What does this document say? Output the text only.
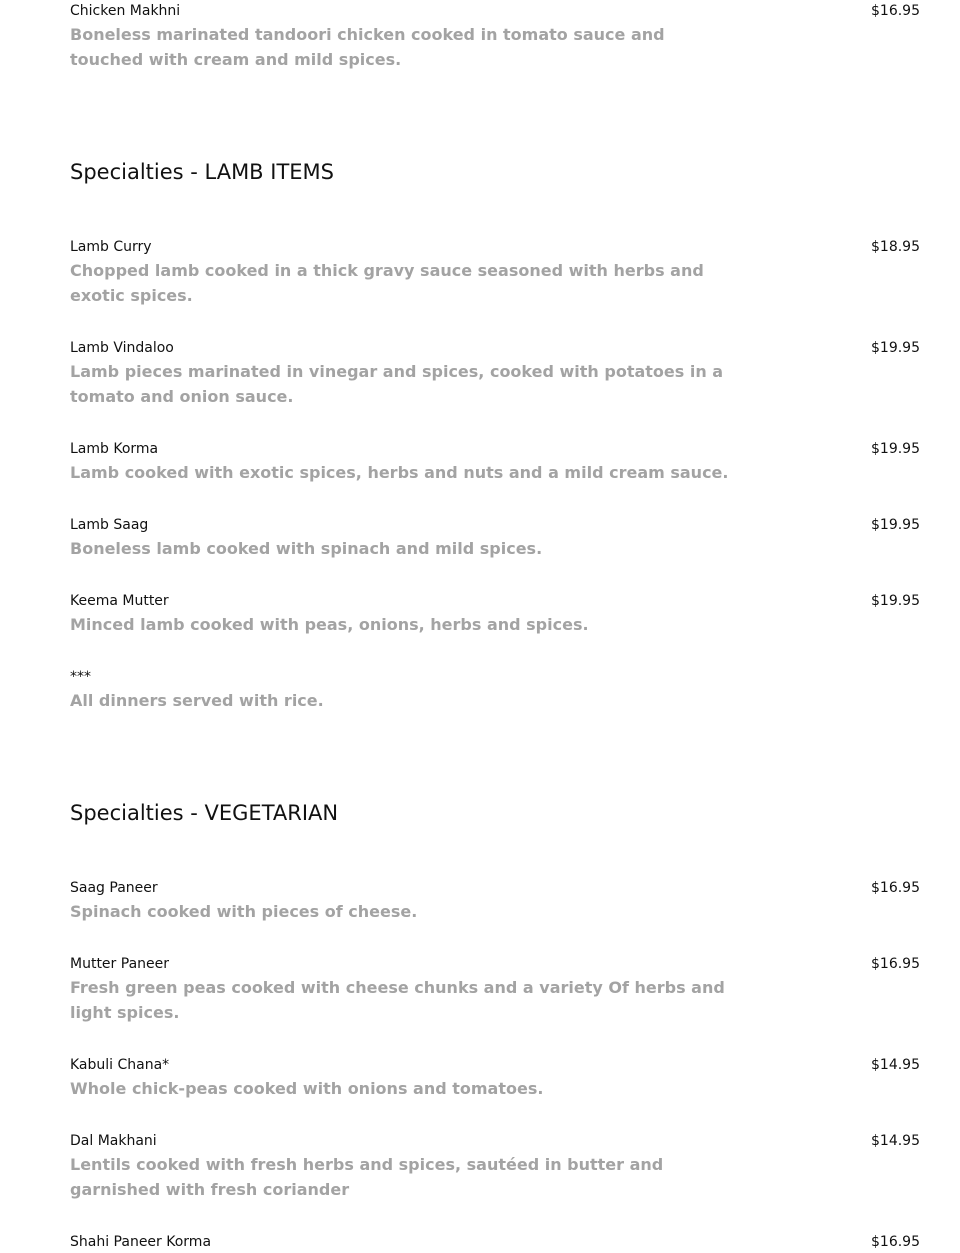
Chicken Makhni	$16.95
Boneless marinated tandoori chicken cooked in tomato sauce and touched with cream and mild spices.
Specialties - LAMB ITEMS
Lamb Curry	$18.95
Chopped lamb cooked in a thick gravy sauce seasoned with herbs and exotic spices.
Lamb Vindaloo	$19.95
Lamb pieces marinated in vinegar and spices, cooked with potatoes in a tomato and onion sauce.
Lamb Korma	$19.95
Lamb cooked with exotic spices, herbs and nuts and a mild cream sauce.
Lamb Saag	$19.95
Boneless lamb cooked with spinach and mild spices.
Keema Mutter	$19.95
Minced lamb cooked with peas, onions, herbs and spices.
***
All dinners served with rice.
Specialties - VEGETARIAN
Saag Paneer	$16.95
Spinach cooked with pieces of cheese.
Mutter Paneer	$16.95
Fresh green peas cooked with cheese chunks and a variety Of herbs and light spices.
Kabuli Chana*	$14.95
Whole chick-peas cooked with onions and tomatoes.
Dal Makhani	$14.95
Lentils cooked with fresh herbs and spices, sautéed in butter and garnished with fresh coriander
Shahi Paneer Korma	$16.95
